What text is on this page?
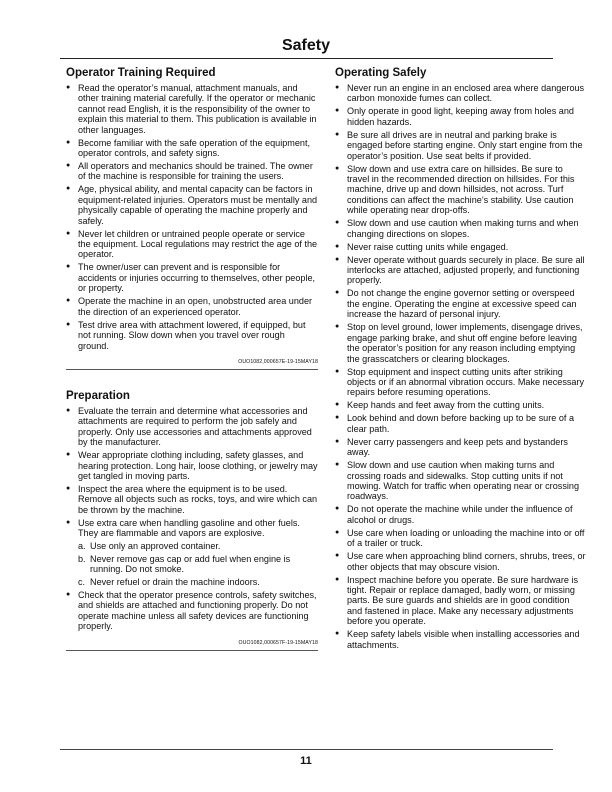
Safety
Operator Training Required
● Read the operator’s manual, attachment manuals, and other training material carefully. If the operator or mechanic cannot read English, it is the responsibility of the owner to explain this material to them. This publication is available in other languages.
● Become familiar with the safe operation of the equipment, operator controls, and safety signs.
● All operators and mechanics should be trained. The owner of the machine is responsible for training the users.
● Age, physical ability, and mental capacity can be factors in equipment-related injuries. Operators must be mentally and physically capable of operating the machine properly and safely.
● Never let children or untrained people operate or service the equipment. Local regulations may restrict the age of the operator.
● The owner/user can prevent and is responsible for accidents or injuries occurring to themselves, other people, or property.
● Operate the machine in an open, unobstructed area under the direction of an experienced operator.
● Test drive area with attachment lowered, if equipped, but not running. Slow down when you travel over rough ground.
OUO1082,000657E-19-15MAY18
Preparation
● Evaluate the terrain and determine what accessories and attachments are required to perform the job safely and properly. Only use accessories and attachments approved by the manufacturer.
● Wear appropriate clothing including, safety glasses, and hearing protection. Long hair, loose clothing, or jewelry may get tangled in moving parts.
● Inspect the area where the equipment is to be used. Remove all objects such as rocks, toys, and wire which can be thrown by the machine.
● Use extra care when handling gasoline and other fuels. They are flammable and vapors are explosive.
a. Use only an approved container.
b. Never remove gas cap or add fuel when engine is running. Do not smoke.
c. Never refuel or drain the machine indoors.
● Check that the operator presence controls, safety switches, and shields are attached and functioning properly. Do not operate machine unless all safety devices are functioning properly.
OUO1082,000657F-19-15MAY18
Operating Safely
● Never run an engine in an enclosed area where dangerous carbon monoxide fumes can collect.
● Only operate in good light, keeping away from holes and hidden hazards.
● Be sure all drives are in neutral and parking brake is engaged before starting engine. Only start engine from the operator’s position. Use seat belts if provided.
● Slow down and use extra care on hillsides. Be sure to travel in the recommended direction on hillsides. For this machine, drive up and down hillsides, not across. Turf conditions can affect the machine’s stability. Use caution while operating near drop-offs.
● Slow down and use caution when making turns and when changing directions on slopes.
● Never raise cutting units while engaged.
● Never operate without guards securely in place. Be sure all interlocks are attached, adjusted properly, and functioning properly.
● Do not change the engine governor setting or overspeed the engine. Operating the engine at excessive speed can increase the hazard of personal injury.
● Stop on level ground, lower implements, disengage drives, engage parking brake, and shut off engine before leaving the operator’s position for any reason including emptying the grasscatchers or clearing blockages.
● Stop equipment and inspect cutting units after striking objects or if an abnormal vibration occurs. Make necessary repairs before resuming operations.
● Keep hands and feet away from the cutting units.
● Look behind and down before backing up to be sure of a clear path.
● Never carry passengers and keep pets and bystanders away.
● Slow down and use caution when making turns and crossing roads and sidewalks. Stop cutting units if not mowing. Watch for traffic when operating near or crossing roadways.
● Do not operate the machine while under the influence of alcohol or drugs.
● Use care when loading or unloading the machine into or off of a trailer or truck.
● Use care when approaching blind corners, shrubs, trees, or other objects that may obscure vision.
● Inspect machine before you operate. Be sure hardware is tight. Repair or replace damaged, badly worn, or missing parts. Be sure guards and shields are in good condition and fastened in place. Make any necessary adjustments before you operate.
● Keep safety labels visible when installing accessories and attachments.
11
